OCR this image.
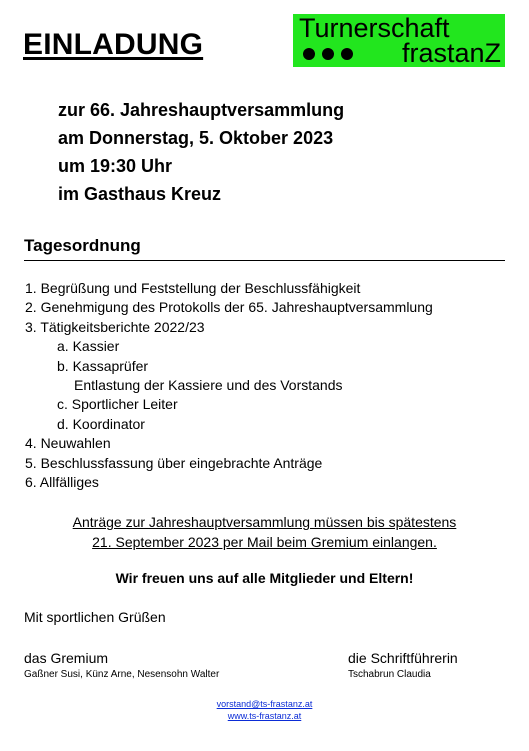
EINLADUNG	Turnerschaft
frastanZ
zur 66. Jahreshauptversammlung
am Donnerstag, 5. Oktober 2023
um 19:30 Uhr
im Gasthaus Kreuz
Tagesordnung
1. Begrüßung und Feststellung der Beschlussfähigkeit
2. Genehmigung des Protokolls der 65. Jahreshauptversammlung
3. Tätigkeitsberichte 2022/23
a. Kassier
b. Kassaprüfer
Entlastung der Kassiere und des Vorstands
c. Sportlicher Leiter
d. Koordinator
4. Neuwahlen
5. Beschlussfassung über eingebrachte Anträge
6. Allfälliges
Anträge zur Jahreshauptversammlung müssen bis spätestens
21. September 2023 per Mail beim Gremium einlangen.
Wir freuen uns auf alle Mitglieder und Eltern!
Mit sportlichen Grüßen
das Gremium
Gaßner Susi, Künz Arne, Nesensohn Walter
die Schriftführerin
Tschabrun Claudia
vorstand@ts-frastanz.at
www.ts-frastanz.at
